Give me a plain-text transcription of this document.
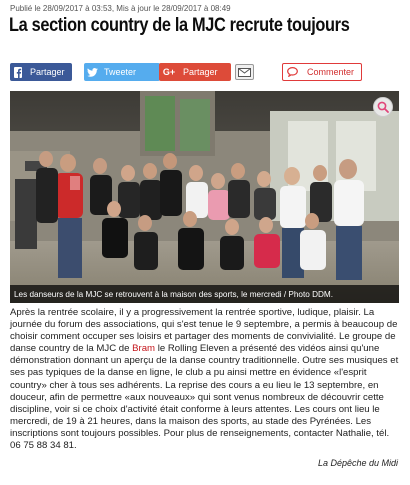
Publié le 28/09/2017 à 03:53, Mis à jour le 28/09/2017 à 08:49
La section country de la MJC recrute toujours
Partager	Tweeter	G+ Partager	Commenter
Les danseurs de la MJC se retrouvent à la maison des sports, le mercredi / Photo DDM.

Après la rentrée scolaire, il y a progressivement la rentrée sportive, ludique, plaisir. La journée du forum des associations, qui s'est tenue le 9 septembre, a permis à beaucoup de choisir comment occuper ses loisirs et partager des moments de convivialité. Le groupe de danse country de la MJC de Bram le Rolling Eleven a présenté des vidéos ainsi qu'une démonstration donnant un aperçu de la danse country traditionnelle. Outre ses musiques et ses pas typiques de la danse en ligne, le club a pu ainsi mettre en évidence «l'esprit country» cher à tous ses adhérents. La reprise des cours a eu lieu le 13 septembre, en douceur, afin de permettre «aux nouveaux» qui sont venus nombreux de découvrir cette discipline, voir si ce choix d'activité était conforme à leurs attentes. Les cours ont lieu le mercredi, de 19 à 21 heures, dans la maison des sports, au stade des Pyrénées. Les inscriptions sont toujours possibles. Pour plus de renseignements, contacter Nathalie, tél. 06 75 88 34 81.

La Dépêche du Midi
